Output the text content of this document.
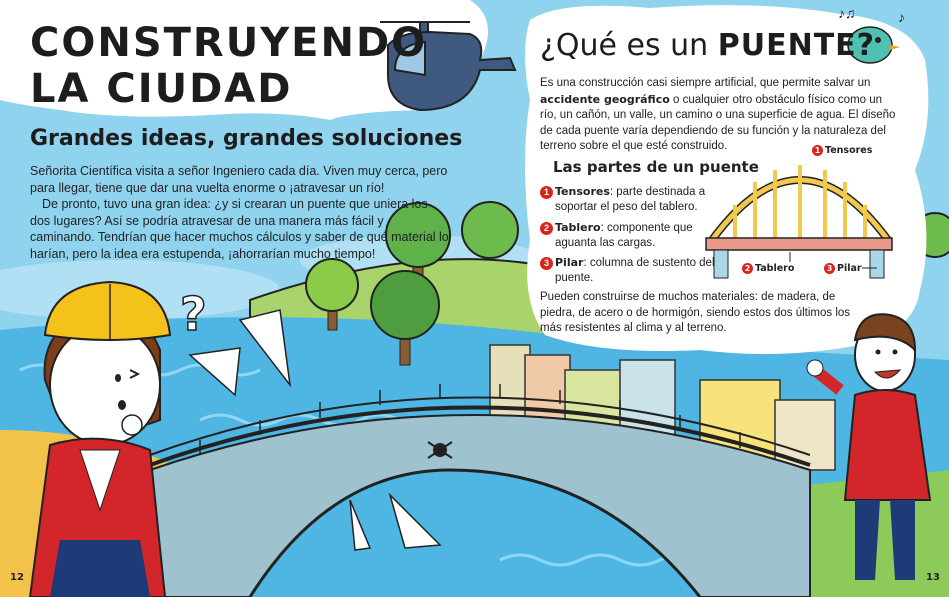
♪♫	♪
?
CONSTRUYENDO
LA CIUDAD
Grandes ideas, grandes soluciones

Señorita Científica visita a señor Ingeniero cada día. Viven muy cerca, pero para llegar, tiene que dar una vuelta enorme o ¡atravesar un río!

De pronto, tuvo una gran idea: ¿y si crearan un puente que uniera los dos lugares? Así se podría atravesar de una manera más fácil y caminando. Tendrían que hacer muchos cálculos y saber de qué material lo harían, pero la idea era estupenda, ¡ahorrarían mucho tiempo!

¿Qué es un PUENTE?
Es una construcción casi siempre artificial, que permite salvar un accidente geográfico o cualquier otro obstáculo físico como un río, un cañón, un valle, un camino o una superficie de agua. El diseño de cada puente varía dependiendo de su función y la naturaleza del terreno sobre el que esté construido.
Las partes de un puente
1 Tensores: parte destinada a soportar el peso del tablero.
2 Tablero: componente que aguanta las cargas.
3 Pilar: columna de sustento del puente.
1 Tensores
2 Tablero	3 Pilar
Pueden construirse de muchos materiales: de madera, de piedra, de acero o de hormigón, siendo estos dos últimos los más resistentes al clima y al terreno.
12	13
